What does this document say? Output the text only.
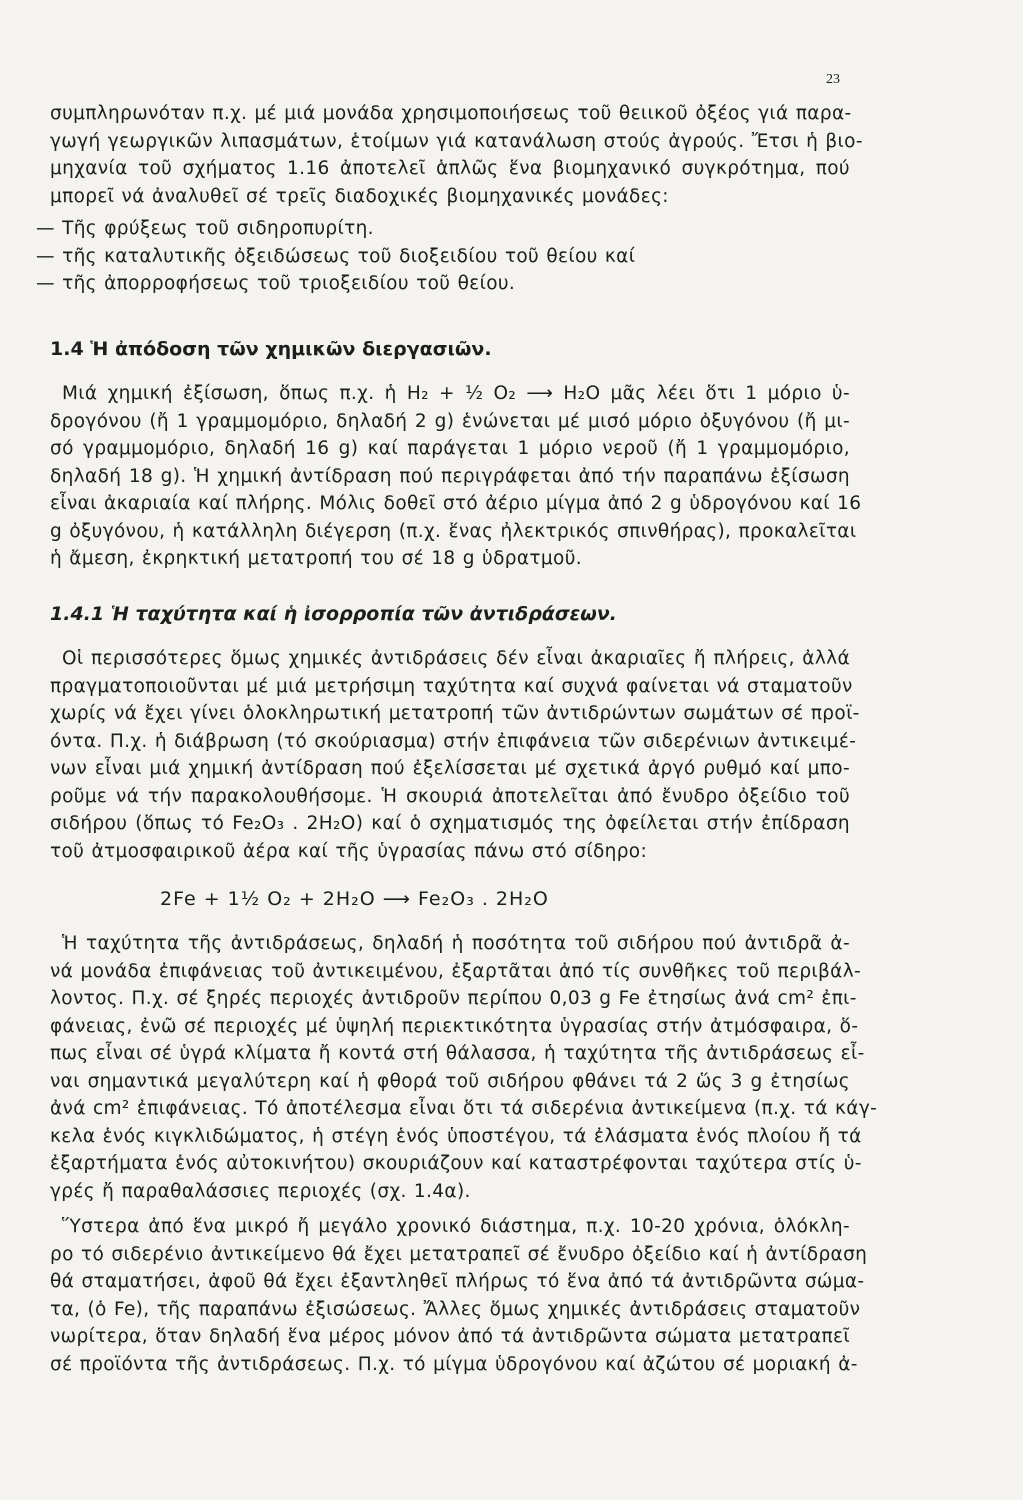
23
συμπληρωνόταν π.χ. μέ μιά μονάδα χρησιμοποιήσεως τοῦ θειικοῦ ὀξέος γιά παρα-
γωγή γεωργικῶν λιπασμάτων, ἑτοίμων γιά κατανάλωση στούς ἀγρούς. Ἔτσι ἡ βιο-
μηχανία τοῦ σχήματος 1.16 ἀποτελεῖ ἁπλῶς ἕνα βιομηχανικό συγκρότημα, πού
μπορεῖ νά ἀναλυθεῖ σέ τρεῖς διαδοχικές βιομηχανικές μονάδες:
— Τῆς φρύξεως τοῦ σιδηροπυρίτη.
— τῆς καταλυτικῆς ὀξειδώσεως τοῦ διοξειδίου τοῦ θείου καί
— τῆς ἀπορροφήσεως τοῦ τριοξειδίου τοῦ θείου.
1.4 Ἡ ἀπόδοση τῶν χημικῶν διεργασιῶν.
Μιά χημική ἐξίσωση, ὅπως π.χ. ἡ H₂ + ½ O₂ ⟶ H₂O μᾶς λέει ὅτι 1 μόριο ὑ-
δρογόνου (ἤ 1 γραμμομόριο, δηλαδή 2 g) ἑνώνεται μέ μισό μόριο ὀξυγόνου (ἤ μι-
σό γραμμομόριο, δηλαδή 16 g) καί παράγεται 1 μόριο νεροῦ (ἤ 1 γραμμομόριο,
δηλαδή 18 g). Ἡ χημική ἀντίδραση πού περιγράφεται ἀπό τήν παραπάνω ἐξίσωση
εἶναι ἀκαριαία καί πλήρης. Μόλις δοθεῖ στό ἀέριο μίγμα ἀπό 2 g ὑδρογόνου καί 16
g ὀξυγόνου, ἡ κατάλληλη διέγερση (π.χ. ἕνας ἠλεκτρικός σπινθήρας), προκαλεῖται
ἡ ἄμεση, ἐκρηκτική μετατροπή του σέ 18 g ὑδρατμοῦ.
1.4.1 Ἡ ταχύτητα καί ἡ ἰσορροπία τῶν ἀντιδράσεων.
Οἱ περισσότερες ὅμως χημικές ἀντιδράσεις δέν εἶναι ἀκαριαῖες ἤ πλήρεις, ἀλλά
πραγματοποιοῦνται μέ μιά μετρήσιμη ταχύτητα καί συχνά φαίνεται νά σταματοῦν
χωρίς νά ἔχει γίνει ὁλοκληρωτική μετατροπή τῶν ἀντιδρώντων σωμάτων σέ προϊ-
όντα. Π.χ. ἡ διάβρωση (τό σκούριασμα) στήν ἐπιφάνεια τῶν σιδερένιων ἀντικειμέ-
νων εἶναι μιά χημική ἀντίδραση πού ἐξελίσσεται μέ σχετικά ἀργό ρυθμό καί μπο-
ροῦμε νά τήν παρακολουθήσομε. Ἡ σκουριά ἀποτελεῖται ἀπό ἔνυδρο ὀξείδιο τοῦ
σιδήρου (ὅπως τό Fe₂O₃ . 2H₂O) καί ὁ σχηματισμός της ὀφείλεται στήν ἐπίδραση
τοῦ ἀτμοσφαιρικοῦ ἀέρα καί τῆς ὑγρασίας πάνω στό σίδηρο:
2Fe + 1½ O₂ + 2H₂O ⟶ Fe₂O₃ . 2H₂O
Ἡ ταχύτητα τῆς ἀντιδράσεως, δηλαδή ἡ ποσότητα τοῦ σιδήρου πού ἀντιδρᾶ ἀ-
νά μονάδα ἐπιφάνειας τοῦ ἀντικειμένου, ἐξαρτᾶται ἀπό τίς συνθῆκες τοῦ περιβάλ-
λοντος. Π.χ. σέ ξηρές περιοχές ἀντιδροῦν περίπου 0,03 g Fe ἐτησίως ἀνά cm² ἐπι-
φάνειας, ἐνῶ σέ περιοχές μέ ὑψηλή περιεκτικότητα ὑγρασίας στήν ἀτμόσφαιρα, ὅ-
πως εἶναι σέ ὑγρά κλίματα ἤ κοντά στή θάλασσα, ἡ ταχύτητα τῆς ἀντιδράσεως εἶ-
ναι σημαντικά μεγαλύτερη καί ἡ φθορά τοῦ σιδήρου φθάνει τά 2 ὥς 3 g ἐτησίως
ἀνά cm² ἐπιφάνειας. Τό ἀποτέλεσμα εἶναι ὅτι τά σιδερένια ἀντικείμενα (π.χ. τά κάγ-
κελα ἑνός κιγκλιδώματος, ἡ στέγη ἑνός ὑποστέγου, τά ἐλάσματα ἑνός πλοίου ἤ τά
ἐξαρτήματα ἑνός αὐτοκινήτου) σκουριάζουν καί καταστρέφονται ταχύτερα στίς ὑ-
γρές ἤ παραθαλάσσιες περιοχές (σχ. 1.4α).
Ὕστερα ἀπό ἕνα μικρό ἤ μεγάλο χρονικό διάστημα, π.χ. 10-20 χρόνια, ὁλόκλη-
ρο τό σιδερένιο ἀντικείμενο θά ἔχει μετατραπεῖ σέ ἔνυδρο ὀξείδιο καί ἡ ἀντίδραση
θά σταματήσει, ἀφοῦ θά ἔχει ἐξαντληθεῖ πλήρως τό ἕνα ἀπό τά ἀντιδρῶντα σώμα-
τα, (ὁ Fe), τῆς παραπάνω ἐξισώσεως. Ἄλλες ὅμως χημικές ἀντιδράσεις σταματοῦν
νωρίτερα, ὅταν δηλαδή ἕνα μέρος μόνον ἀπό τά ἀντιδρῶντα σώματα μετατραπεῖ
σέ προϊόντα τῆς ἀντιδράσεως. Π.χ. τό μίγμα ὑδρογόνου καί ἀζώτου σέ μοριακή ἀ-
